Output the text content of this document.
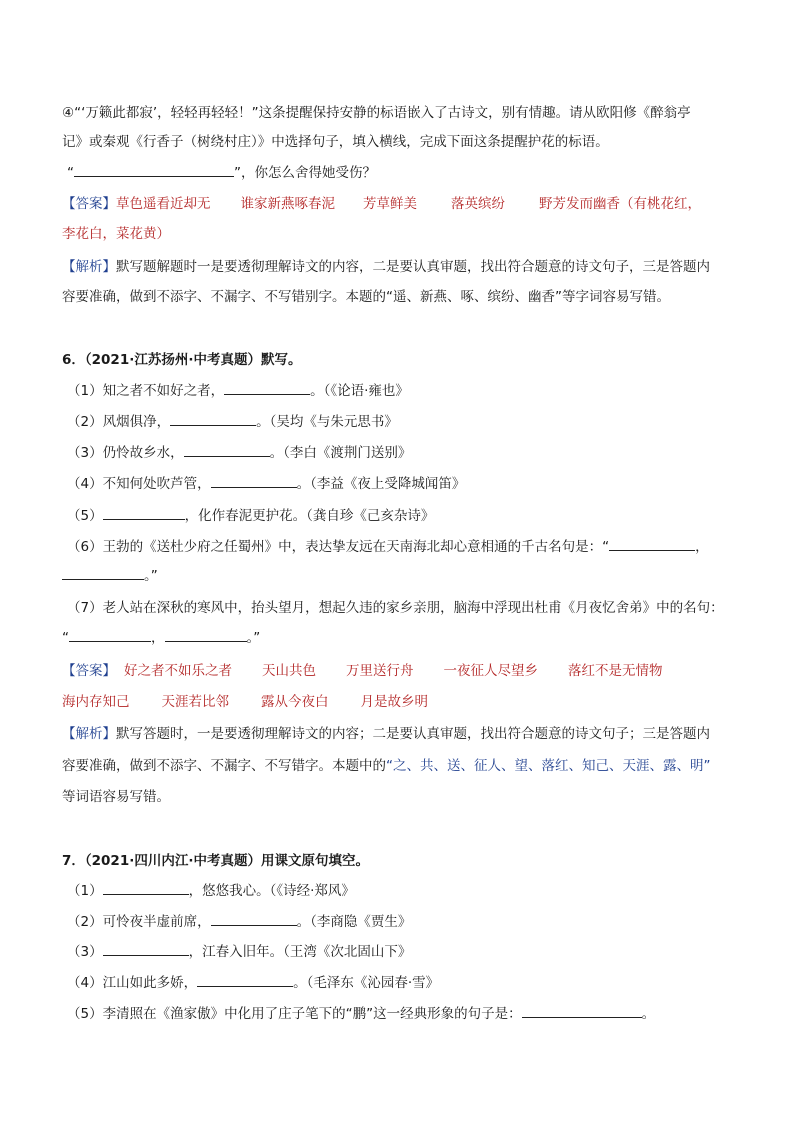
④“‘万籁此都寂’，轻轻再轻轻！”这条提醒保持安静的标语嵌入了古诗文，别有情趣。请从欧阳修《醉翁亭
记》或秦观《行香子（树绕村庄）》中选择句子，填入横线，完成下面这条提醒护花的标语。
“	”，你怎么舍得她受伤？
【答案】草色遥看近却无 谁家新燕啄春泥 芳草鲜美	落英缤纷	野芳发而幽香（有桃花红，
李花白，菜花黄）
【解析】默写题解题时一是要透彻理解诗文的内容，二是要认真审题，找出符合题意的诗文句子，三是答题内
容要准确，做到不添字、不漏字、不写错别字。本题的“遥、新燕、啄、缤纷、幽香”等字词容易写错。
6．（2021·江苏扬州·中考真题）默写。
（1）知之者不如好之者，	。（《论语·雍也》
（2）风烟俱净，	。（吴均《与朱元思书》
（3）仍怜故乡水，	。（李白《渡荆门送别》
（4）不知何处吹芦管，	。（李益《夜上受降城闻笛》
（5）	，化作春泥更护花。（龚自珍《己亥杂诗》
（6）王勃的《送杜少府之任蜀州》中，表达挚友远在天南海北却心意相通的千古名句是：“	，
。”
（7）老人站在深秋的寒风中，抬头望月，想起久违的家乡亲朋，脑海中浮现出杜甫《月夜忆舍弟》中的名句：
“	，	。”
【答案】 好之者不如乐之者 天山共色 万里送行舟 一夜征人尽望乡 落红不是无情物
海内存知己 天涯若比邻 露从今夜白 月是故乡明
【解析】默写答题时，一是要透彻理解诗文的内容；二是要认真审题，找出符合题意的诗文句子；三是答题内
容要准确，做到不添字、不漏字、不写错字。本题中的“之、共、送、征人、望、落红、知己、天涯、露、明”
等词语容易写错。
7．（2021·四川内江·中考真题）用课文原句填空。
（1）	，悠悠我心。（《诗经·郑风》
（2）可怜夜半虚前席，	。（李商隐《贾生》
（3）	，江春入旧年。（王湾《次北固山下》
（4）江山如此多娇，	。（毛泽东《沁园春·雪》
（5）李清照在《渔家傲》中化用了庄子笔下的“鹏”这一经典形象的句子是：	。
